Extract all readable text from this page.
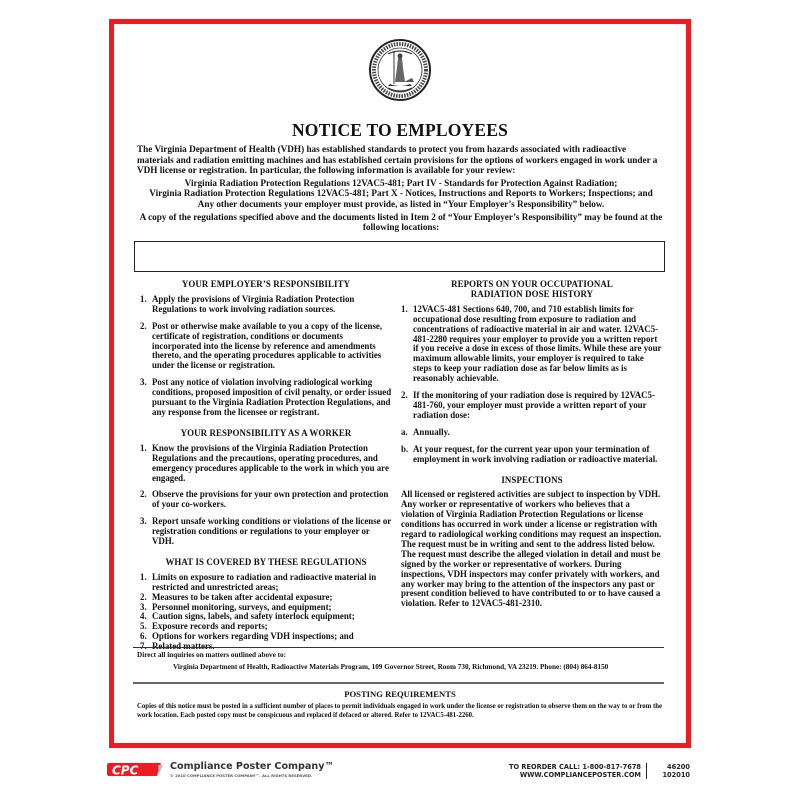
NOTICE TO EMPLOYEES

The Virginia Department of Health (VDH) has established standards to protect you from hazards associated with radioactive materials and radiation emitting machines and has established certain provisions for the options of workers engaged in work under a VDH license or registration. In particular, the following information is available for your review:

Virginia Radiation Protection Regulations 12VAC5-481; Part IV - Standards for Protection Against Radiation;

Virginia Radiation Protection Regulations 12VAC5-481; Part X - Notices, Instructions and Reports to Workers; Inspections; and

Any other documents your employer must provide, as listed in “Your Employer’s Responsibility” below.

A copy of the regulations specified above and the documents listed in Item 2 of “Your Employer’s Responsibility” may be found at the following locations:

YOUR EMPLOYER’S RESPONSIBILITY
1. Apply the provisions of Virginia Radiation Protection Regulations to work involving radiation sources.
2. Post or otherwise make available to you a copy of the license, certificate of registration, conditions or documents incorporated into the license by reference and amendments thereto, and the operating procedures applicable to activities under the license or registration.
3. Post any notice of violation involving radiological working conditions, proposed imposition of civil penalty, or order issued pursuant to the Virginia Radiation Protection Regulations, and any response from the licensee or registrant.
YOUR RESPONSIBILITY AS A WORKER
1. Know the provisions of the Virginia Radiation Protection Regulations and the precautions, operating procedures, and emergency procedures applicable to the work in which you are engaged.
2. Observe the provisions for your own protection and protection of your co-workers.
3. Report unsafe working conditions or violations of the license or registration conditions or regulations to your employer or VDH.
WHAT IS COVERED BY THESE REGULATIONS
1. Limits on exposure to radiation and radioactive material in restricted and unrestricted areas;
2. Measures to be taken after accidental exposure;
3. Personnel monitoring, surveys, and equipment;
4. Caution signs, labels, and safety interlock equipment;
5. Exposure records and reports;
6. Options for workers regarding VDH inspections; and
REPORTS ON YOUR OCCUPATIONAL
RADIATION DOSE HISTORY
1. 12VAC5-481 Sections 640, 700, and 710 establish limits for occupational dose resulting from exposure to radiation and concentrations of radioactive material in air and water. 12VAC5-481-2280 requires your employer to provide you a written report if you receive a dose in excess of those limits. While these are your maximum allowable limits, your employer is required to take steps to keep your radiation dose as far below limits as is reasonably achievable.
2. If the monitoring of your radiation dose is required by 12VAC5-481-760, your employer must provide a written report of your radiation dose:
a. Annually.
b. At your request, for the current year upon your termination of employment in work involving radiation or radioactive material.
INSPECTIONS
All licensed or registered activities are subject to inspection by VDH. Any worker or representative of workers who believes that a violation of Virginia Radiation Protection Regulations or license conditions has occurred in work under a license or registration with regard to radiological working conditions may request an inspection. The request must be in writing and sent to the address listed below. The request must describe the alleged violation in detail and must be signed by the worker or representative of workers. During inspections, VDH inspectors may confer privately with workers, and any worker may bring to the attention of the inspectors any past or present condition believed to have contributed to or to have caused a violation. Refer to 12VAC5-481-2310.
Direct all inquiries on matters outlined above to:
Virginia Department of Health, Radioactive Materials Program, 109 Governor Street, Room 730, Richmond, VA 23219. Phone: (804) 864-8150
POSTING REQUIREMENTS
Copies of this notice must be posted in a sufficient number of places to permit individuals engaged in work under the license or registration to observe them on the way to or from the work location. Each posted copy must be conspicuous and replaced if defaced or altered. Refer to 12VAC5-481-2260.
CPC	Compliance Poster Company™
© 2010 COMPLIANCE POSTER COMPANY™. ALL RIGHTS RESERVED.
TO REORDER CALL: 1-800-817-7678
WWW.COMPLIANCEPOSTER.COM
46200
102010
